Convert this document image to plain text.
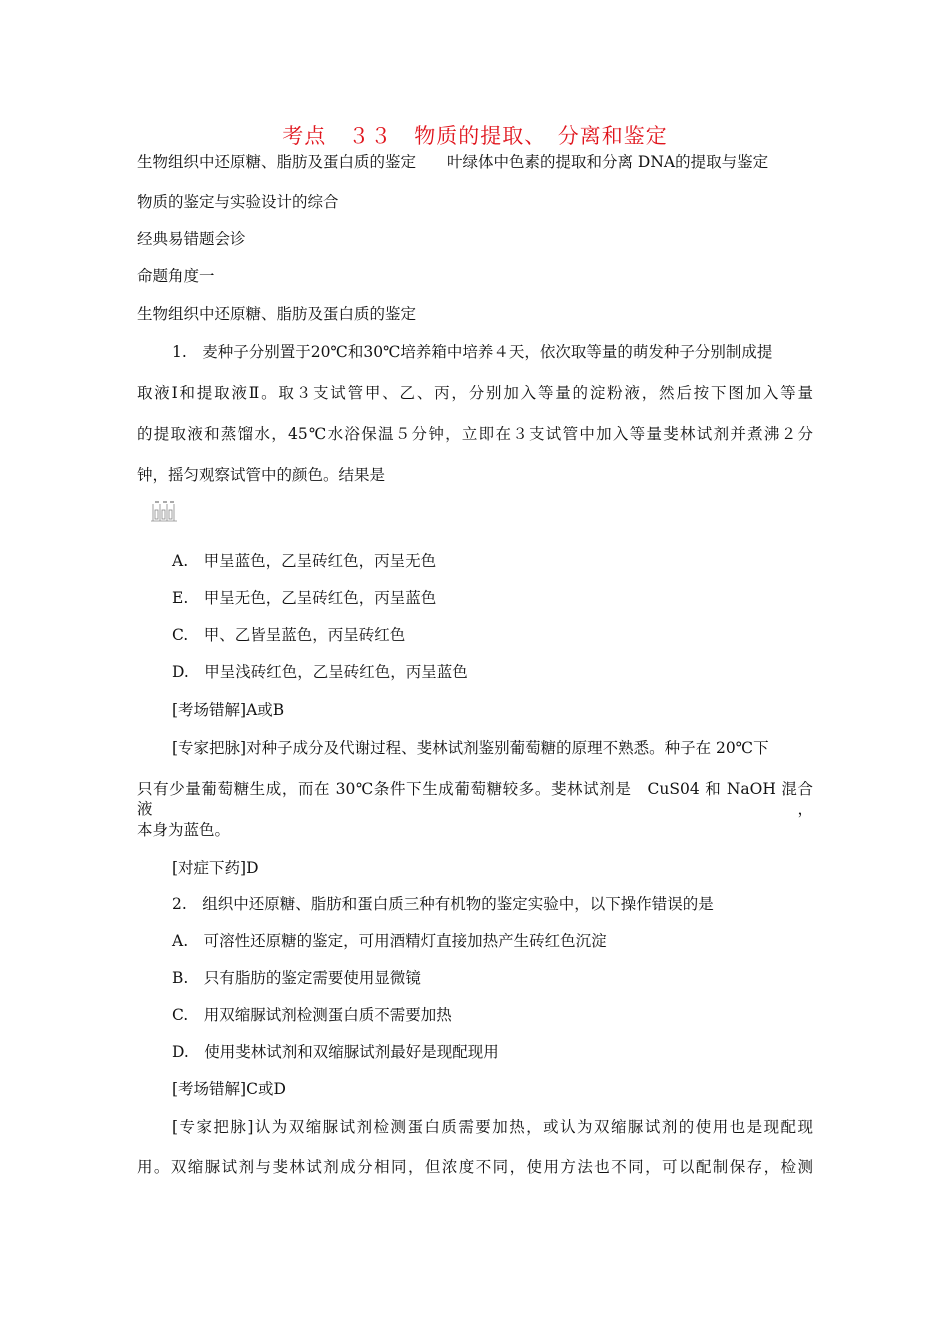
考点　３３　物质的提取、　分离和鉴定
生物组织中还原糖、脂肪及蛋白质的鉴定　　叶绿体中色素的提取和分离 DNA的提取与鉴定
物质的鉴定与实验设计的综合
经典易错题会诊
命题角度一
生物组织中还原糖、脂肪及蛋白质的鉴定
1.　麦种子分别置于20℃和30℃培养箱中培养４天，依次取等量的萌发种子分别制成提
取液Ⅰ和提取液Ⅱ。取３支试管甲、乙、丙，分别加入等量的淀粉液，然后按下图加入等量
的提取液和蒸馏水，45℃水浴保温５分钟，立即在３支试管中加入等量斐林试剂并煮沸２分
钟，摇匀观察试管中的颜色。结果是
A.　甲呈蓝色，乙呈砖红色，丙呈无色
E.　甲呈无色，乙呈砖红色，丙呈蓝色
C.　甲、乙皆呈蓝色，丙呈砖红色
D.　甲呈浅砖红色，乙呈砖红色，丙呈蓝色
[考场错解]A或B
[专家把脉]对种子成分及代谢过程、斐林试剂鉴别葡萄糖的原理不熟悉。种子在 20℃下
只有少量葡萄糖生成，而在 30℃条件下生成葡萄糖较多。斐林试剂是　CuS04 和 NaOH 混合液，
本身为蓝色。
[对症下药]D
2.　组织中还原糖、脂肪和蛋白质三种有机物的鉴定实验中，以下操作错误的是
A.　可溶性还原糖的鉴定，可用酒精灯直接加热产生砖红色沉淀
B.　只有脂肪的鉴定需要使用显微镜
C.　用双缩脲试剂检测蛋白质不需要加热
D.　使用斐林试剂和双缩脲试剂最好是现配现用
[考场错解]C或D
[专家把脉]认为双缩脲试剂检测蛋白质需要加热，或认为双缩脲试剂的使用也是现配现
用。双缩脲试剂与斐林试剂成分相同，但浓度不同，使用方法也不同，可以配制保存，检测
